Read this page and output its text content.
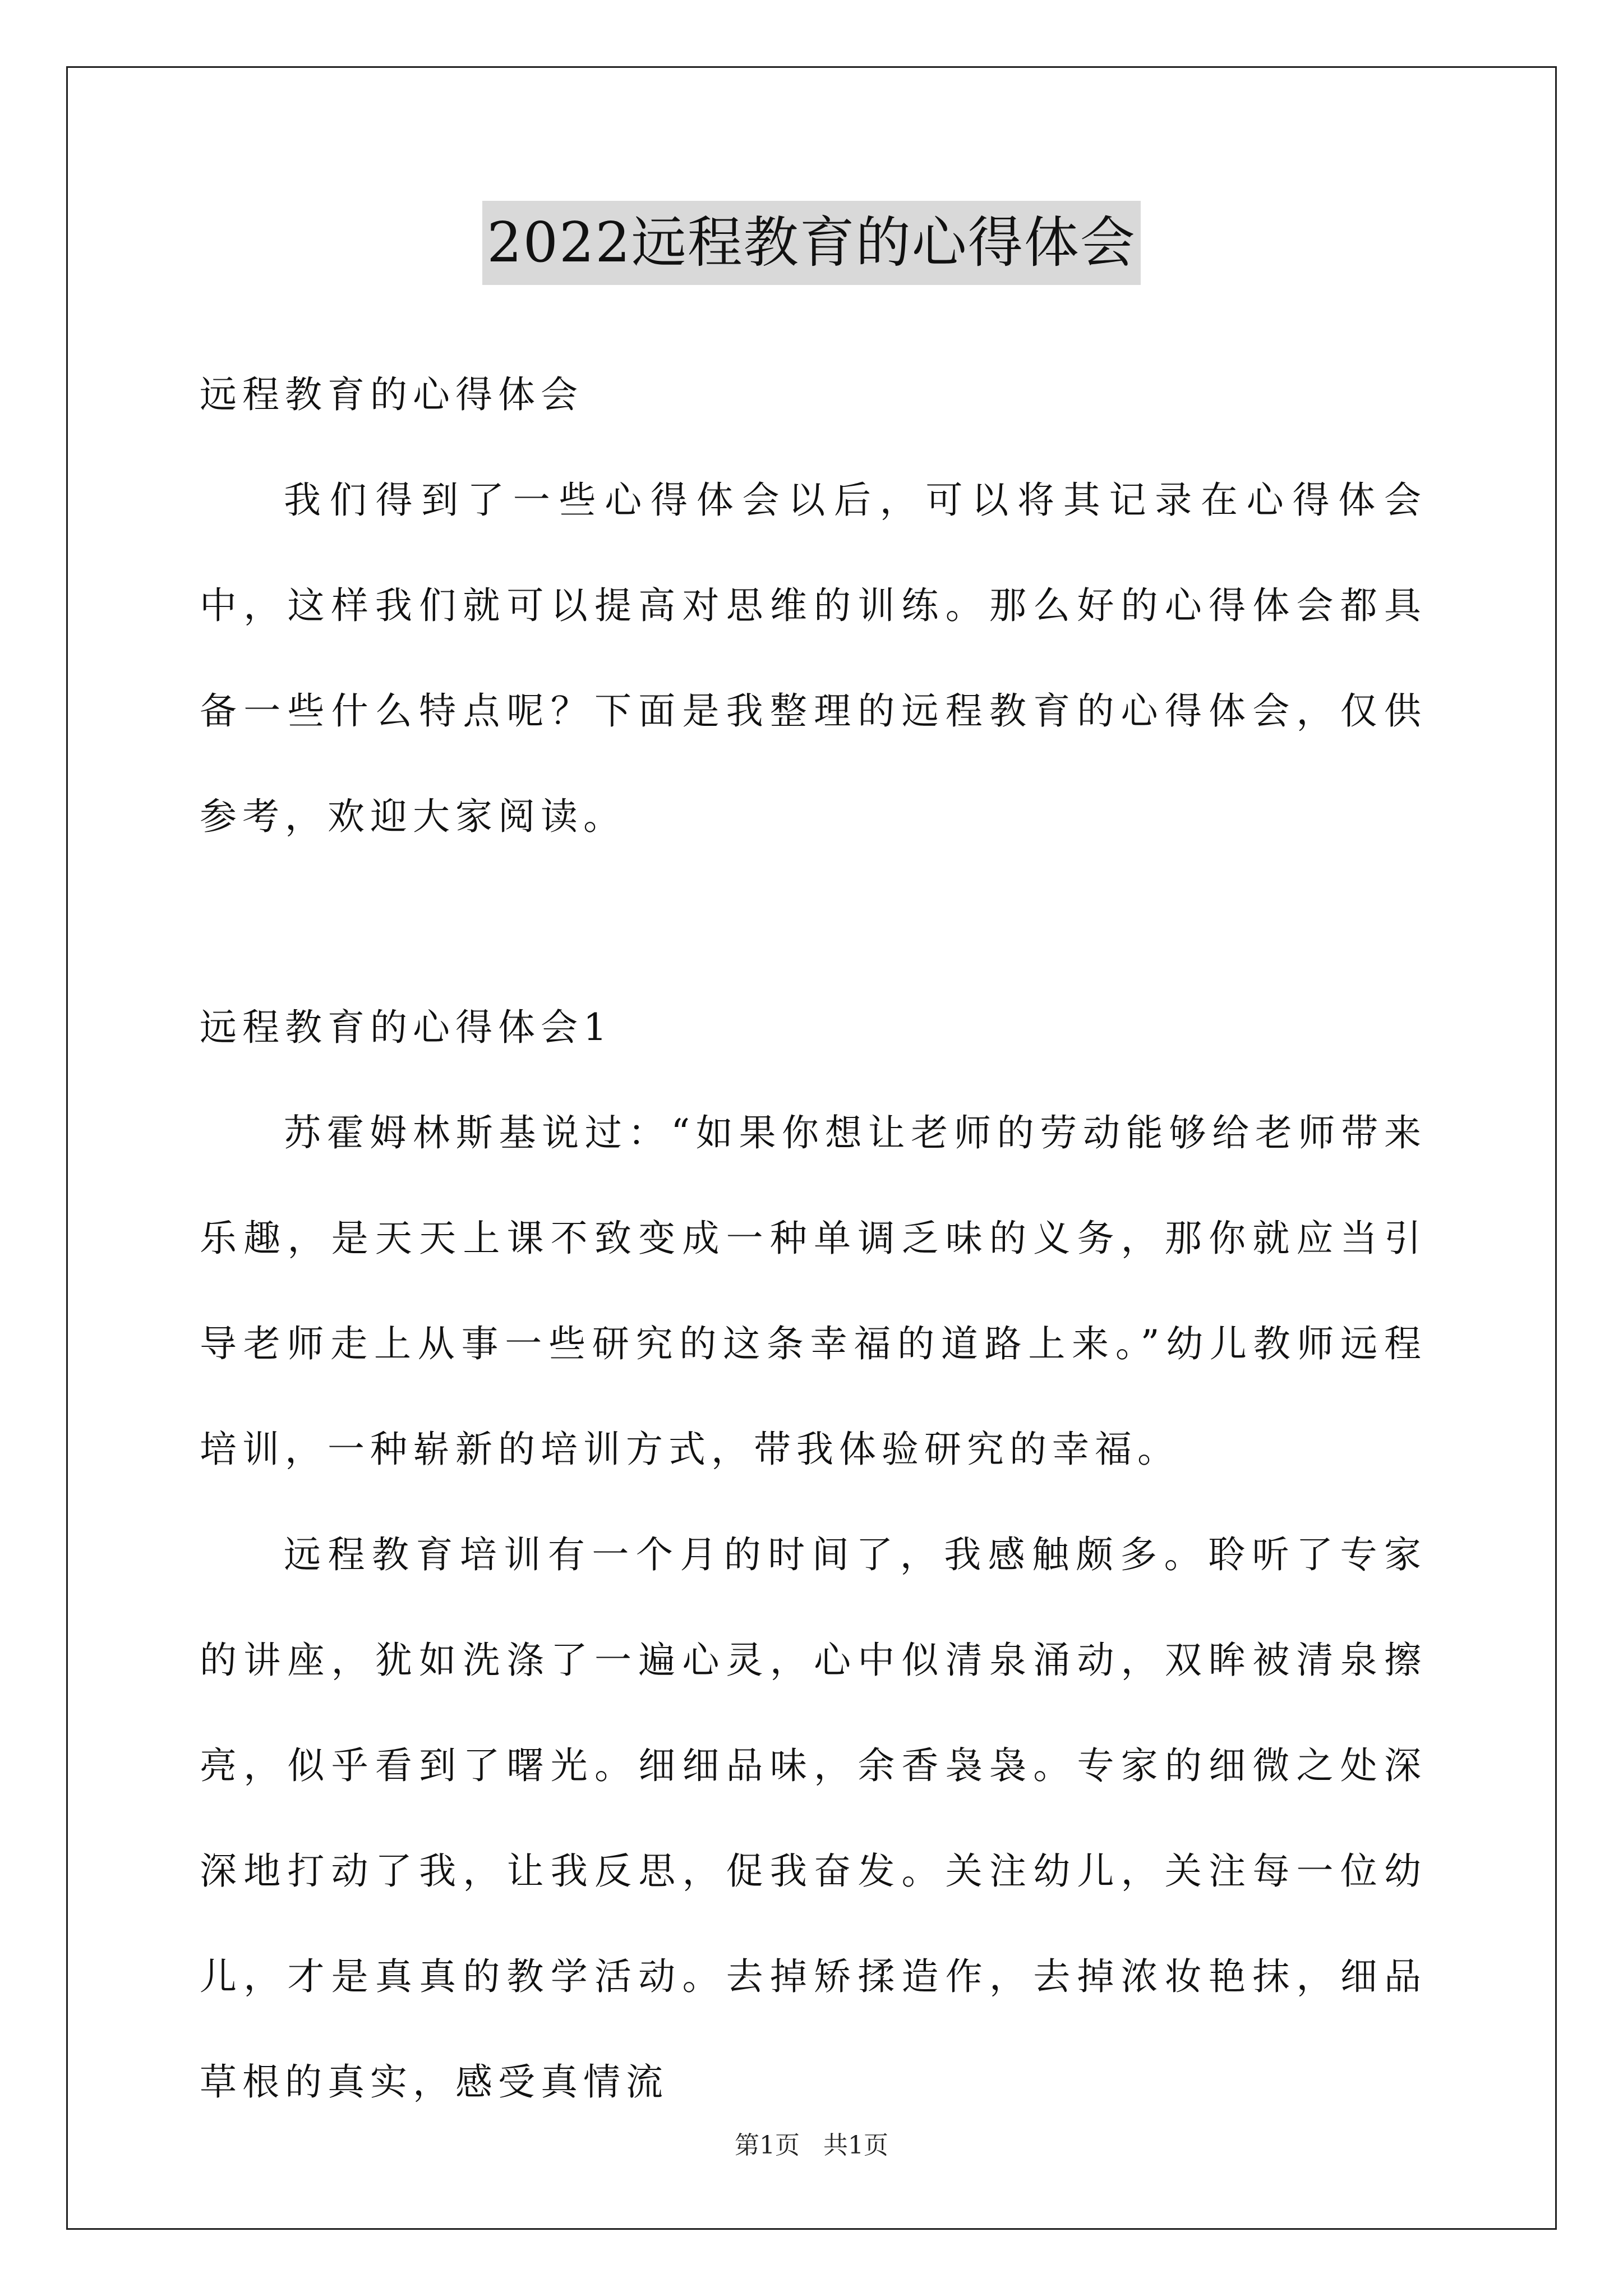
2022远程教育的心得体会

远程教育的心得体会

我们得到了一些心得体会以后，可以将其记录在心得体会中，这样我们就可以提高对思维的训练。那么好的心得体会都具备一些什么特点呢？下面是我整理的远程教育的心得体会，仅供参考，欢迎大家阅读。

远程教育的心得体会1

苏霍姆林斯基说过：“如果你想让老师的劳动能够给老师带来乐趣，是天天上课不致变成一种单调乏味的义务，那你就应当引导老师走上从事一些研究的这条幸福的道路上来。”幼儿教师远程培训，一种崭新的培训方式，带我体验研究的幸福。

远程教育培训有一个月的时间了，我感触颇多。聆听了专家的讲座，犹如洗涤了一遍心灵，心中似清泉涌动，双眸被清泉擦亮，似乎看到了曙光。细细品味，余香袅袅。专家的细微之处深深地打动了我，让我反思，促我奋发。关注幼儿，关注每一位幼儿，才是真真的教学活动。去掉矫揉造作，去掉浓妆艳抹，细品草根的真实，感受真情流

第1页   共1页
